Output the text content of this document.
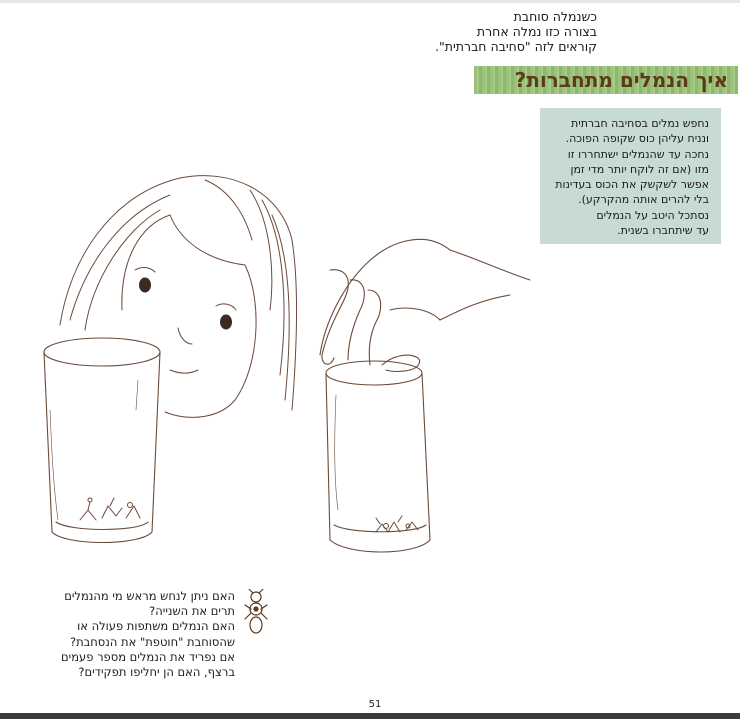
כשנמלה סוחבת
בצורה כזו נמלה אחרת
קוראים לזה "סחיבה חברתית".
איך הנמלים מתחברות?
נחפש נמלים בסחיבה חברתית
ונניח עליהן כוס שקופה הפוכה.
נחכה עד שהנמלים ישתחררו זו
מזו (אם זה לוקח יותר מדי זמן
אפשר לשקשק את הכוס בעדינות
בלי להרים אותה מהקרקע).
נסתכל היטב על הנמלים
עד שיתחברו בשנית.
האם ניתן לנחש מראש מי מהנמלים
תרים את השנייה?
האם הנמלים משתפות פעולה או
שהסוחבת "חוטפת" את הנסחבת?
אם נפריד את הנמלים מספר פעמים
ברצף, האם הן יחליפו תפקידים?
51
